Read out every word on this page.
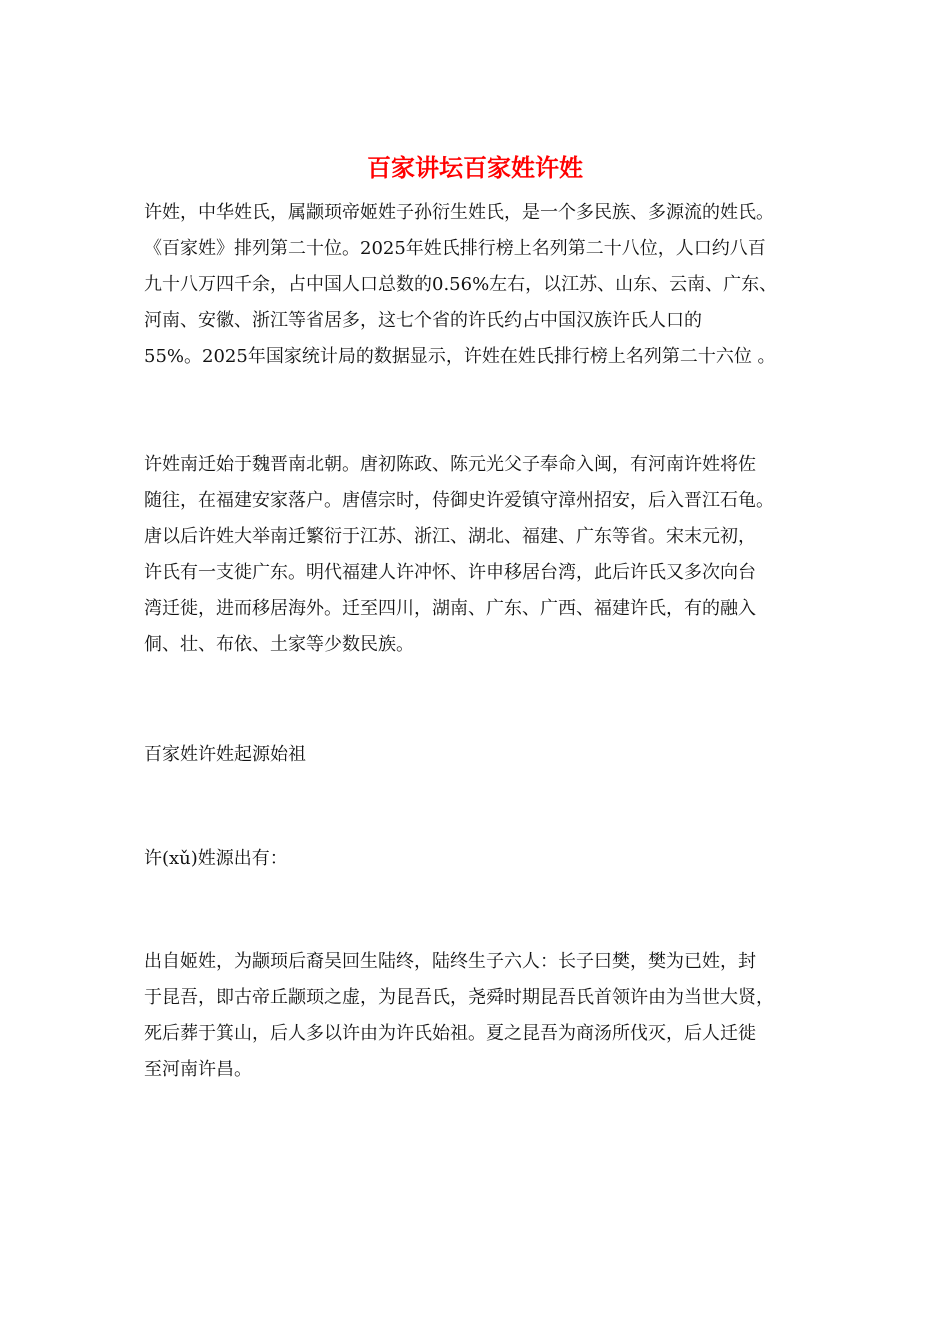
百家讲坛百家姓许姓
许姓，中华姓氏，属颛顼帝姬姓子孙衍生姓氏，是一个多民族、多源流的姓氏。
《百家姓》排列第二十位。2025年姓氏排行榜上名列第二十八位，人口约八百
九十八万四千余，占中国人口总数的0.56%左右，以江苏、山东、云南、广东、
河南、安徽、浙江等省居多，这七个省的许氏约占中国汉族许氏人口的
55%。2025年国家统计局的数据显示，许姓在姓氏排行榜上名列第二十六位 。
许姓南迁始于魏晋南北朝。唐初陈政、陈元光父子奉命入闽，有河南许姓将佐
随往，在福建安家落户。唐僖宗时，侍御史许爱镇守漳州招安，后入晋江石龟。
唐以后许姓大举南迁繁衍于江苏、浙江、湖北、福建、广东等省。宋末元初，
许氏有一支徙广东。明代福建人许冲怀、许申移居台湾，此后许氏又多次向台
湾迁徙，进而移居海外。迁至四川，湖南、广东、广西、福建许氏，有的融入
侗、壮、布依、土家等少数民族。
百家姓许姓起源始祖
许(xǔ)姓源出有：
出自姬姓，为颛顼后裔吴回生陆终，陆终生子六人：长子曰樊，樊为已姓，封
于昆吾，即古帝丘颛顼之虚，为昆吾氏，尧舜时期昆吾氏首领许由为当世大贤，
死后葬于箕山，后人多以许由为许氏始祖。夏之昆吾为商汤所伐灭，后人迁徙
至河南许昌。
